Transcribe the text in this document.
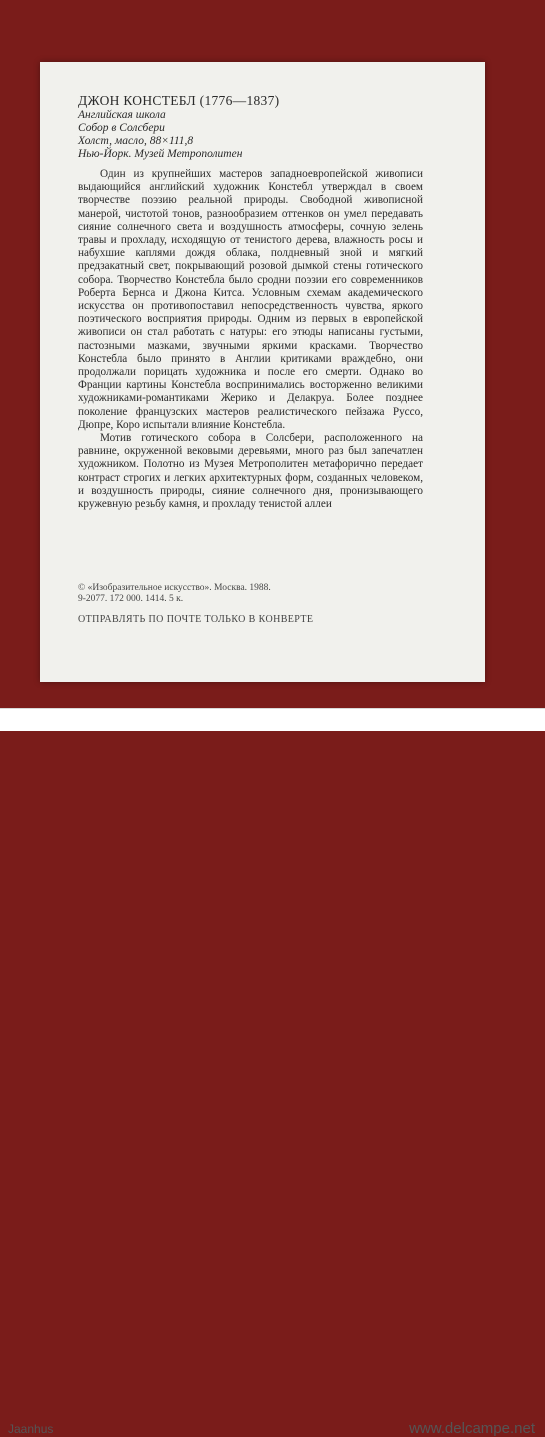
ДЖОН КОНСТЕБЛ (1776—1837)
Английская школа
Собор в Солсбери
Холст, масло, 88×111,8
Нью-Йорк. Музей Метрополитен

Один из крупнейших мастеров западноевропейской живописи выдающийся английский художник Констебл утверждал в своем творчестве поэзию реальной природы. Свободной живописной манерой, чистотой тонов, разнообразием оттенков он умел передавать сияние солнечного света и воздушность атмосферы, сочную зелень травы и прохладу, исходящую от тенистого дерева, влажность росы и набухшие каплями дождя облака, полдневный зной и мягкий предзакатный свет, покрывающий розовой дымкой стены готического собора. Творчество Констебла было сродни поэзии его современников Роберта Бернса и Джона Китса. Условным схемам академического искусства он противопоставил непосредственность чувства, яркого поэтического восприятия природы. Одним из первых в европейской живописи он стал работать с натуры: его этюды написаны густыми, пастозными мазками, звучными яркими красками. Творчество Констебла было принято в Англии критиками враждебно, они продолжали порицать художника и после его смерти. Однако во Франции картины Констебла воспринимались восторженно великими художниками-романтиками Жерико и Делакруа. Более позднее поколение французских мастеров реалистического пейзажа Руссо, Дюпре, Коро испытали влияние Констебла.

Мотив готического собора в Солсбери, расположенного на равнине, окруженной вековыми деревьями, много раз был запечатлен художником. Полотно из Музея Метрополитен метафорично передает контраст строгих и легких архитектурных форм, созданных человеком, и воздушность природы, сияние солнечного дня, пронизывающего кружевную резьбу камня, и прохладу тенистой аллеи

© «Изобразительное искусство». Москва. 1988.
9-2077. 172 000. 1414. 5 к.
ОТПРАВЛЯТЬ ПО ПОЧТЕ ТОЛЬКО В КОНВЕРТЕ
Jaanhus	www.delcampe.net
